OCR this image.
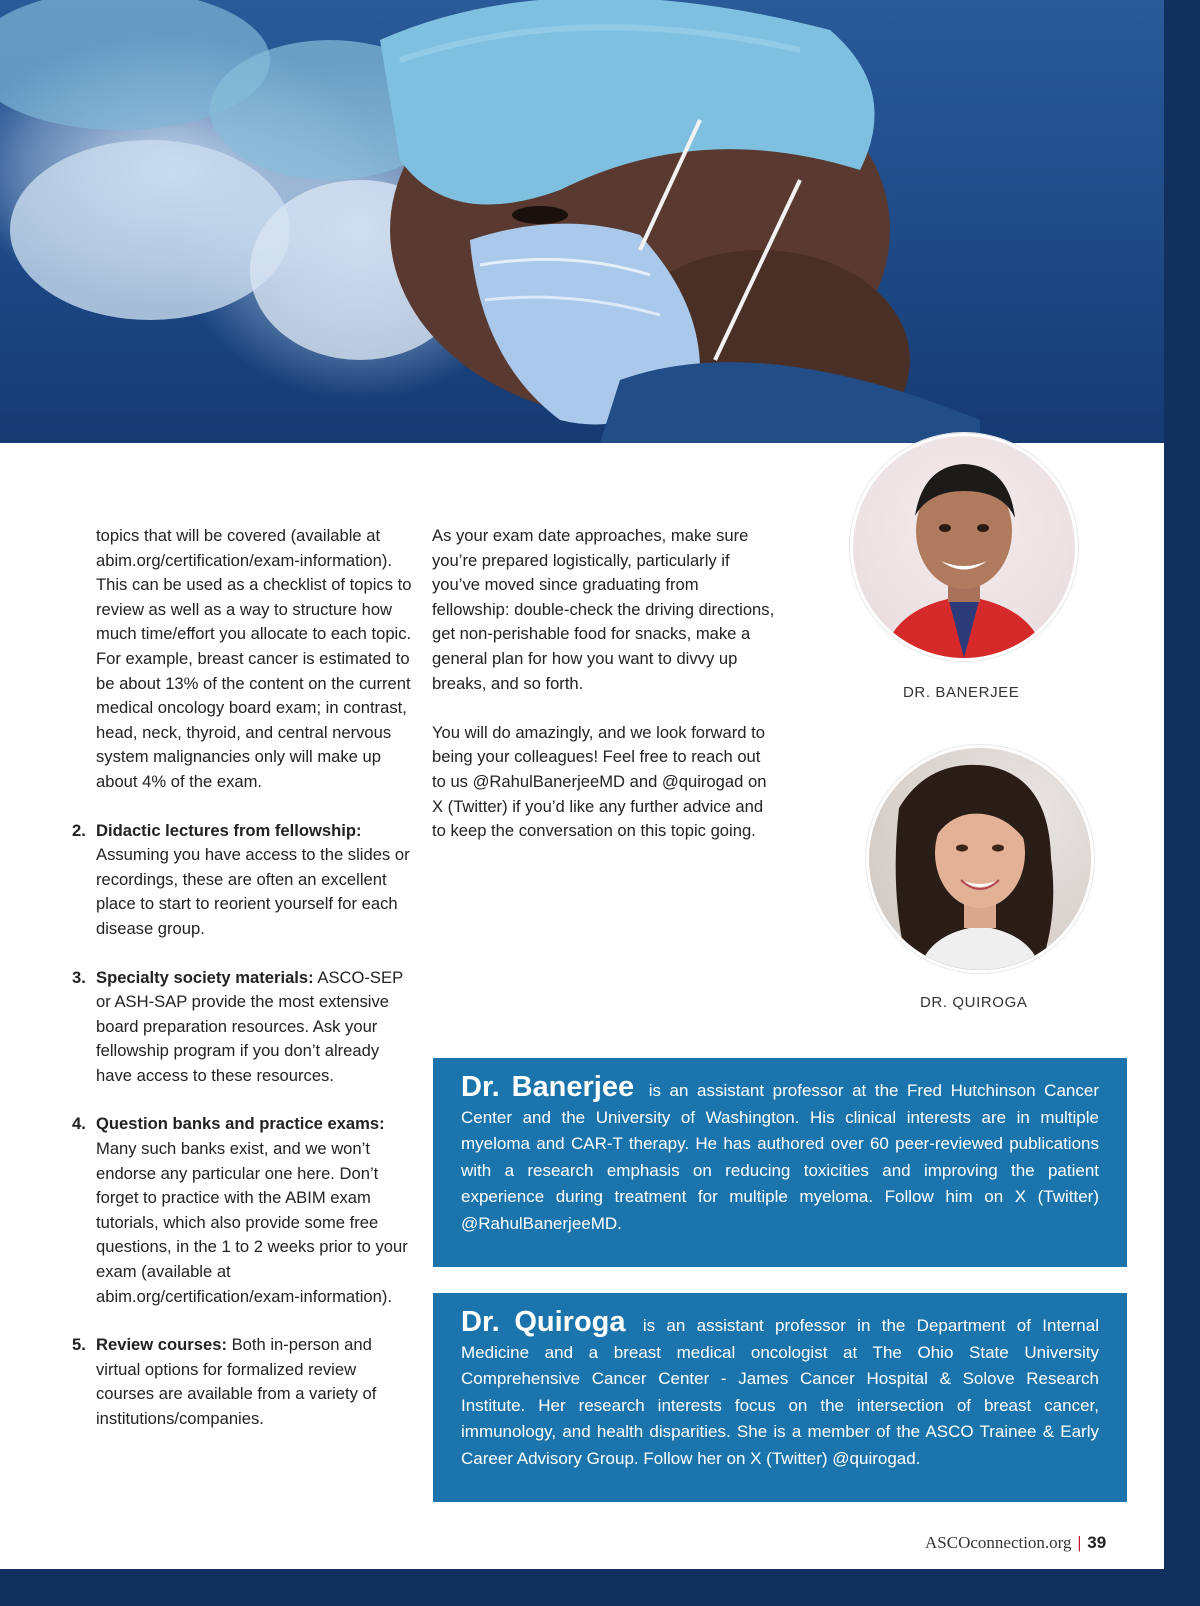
topics that will be covered (available at abim.org/certification/exam-information). This can be used as a checklist of topics to review as well as a way to structure how much time/effort you allocate to each topic. For example, breast cancer is estimated to be about 13% of the content on the current medical oncology board exam; in contrast, head, neck, thyroid, and central nervous system malignancies only will make up about 4% of the exam.

2. Didactic lectures from fellowship: Assuming you have access to the slides or recordings, these are often an excellent place to start to reorient yourself for each disease group.
3. Specialty society materials: ASCO-SEP or ASH-SAP provide the most extensive board preparation resources. Ask your fellowship program if you don’t already have access to these resources.
4. Question banks and practice exams: Many such banks exist, and we won’t endorse any particular one here. Don’t forget to practice with the ABIM exam tutorials, which also provide some free questions, in the 1 to 2 weeks prior to your exam (available at abim.org/certification/exam-information).
5. Review courses: Both in-person and virtual options for formalized review courses are available from a variety of institutions/companies.

As your exam date approaches, make sure you’re prepared logistically, particularly if you’ve moved since graduating from fellowship: double-check the driving directions, get non-perishable food for snacks, make a general plan for how you want to divvy up breaks, and so forth.

You will do amazingly, and we look forward to being your colleagues! Feel free to reach out to us @RahulBanerjeeMD and @quirogad on X (Twitter) if you’d like any further advice and to keep the conversation on this topic going.

DR. BANERJEE
DR. QUIROGA
Dr. Banerjee is an assistant professor at the Fred Hutchinson Cancer Center and the University of Washington. His clinical interests are in multiple myeloma and CAR-T therapy. He has authored over 60 peer-reviewed publications with a research emphasis on reducing toxicities and improving the patient experience during treatment for multiple myeloma. Follow him on X (Twitter) @RahulBanerjeeMD.
Dr. Quiroga is an assistant professor in the Department of Internal Medicine and a breast medical oncologist at The Ohio State University Comprehensive Cancer Center - James Cancer Hospital & Solove Research Institute. Her research interests focus on the intersection of breast cancer, immunology, and health disparities. She is a member of the ASCO Trainee & Early Career Advisory Group. Follow her on X (Twitter) @quirogad.
ASCOconnection.org | 39
